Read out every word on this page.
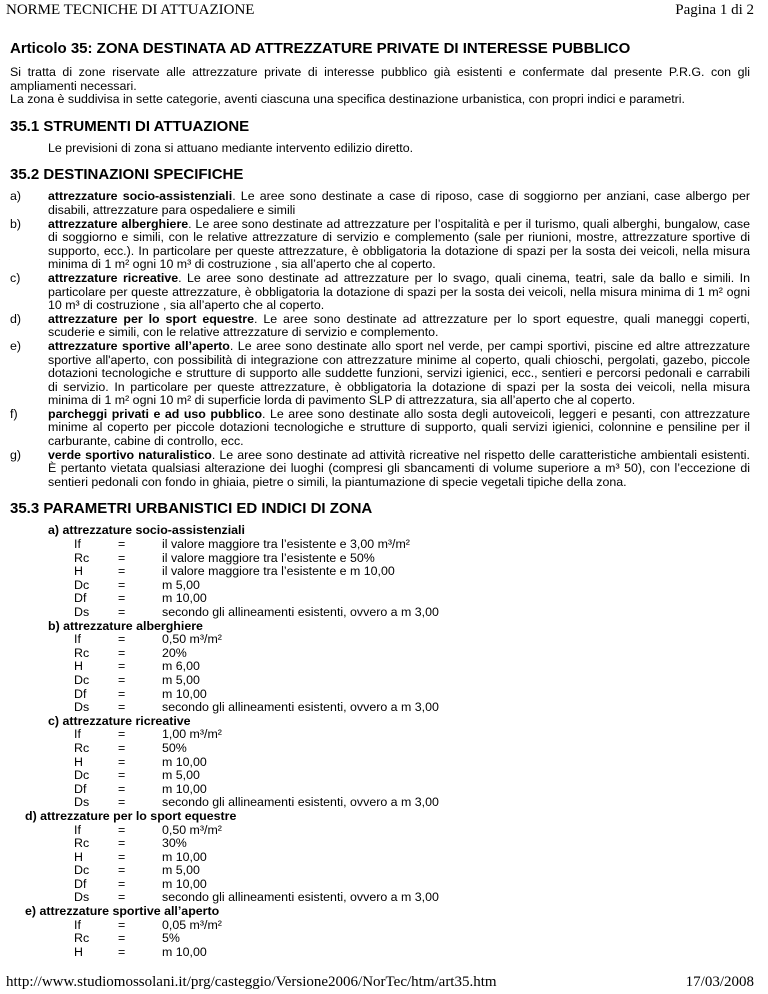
NORME TECNICHE DI ATTUAZIONE	Pagina 1 di 2
Articolo 35: ZONA DESTINATA AD ATTREZZATURE PRIVATE DI INTERESSE PUBBLICO

Si tratta di zone riservate alle attrezzature private di interesse pubblico già esistenti e confermate dal presente P.R.G. con gli ampliamenti necessari.

La zona è suddivisa in sette categorie, aventi ciascuna una specifica destinazione urbanistica, con propri indici e parametri.

35.1 STRUMENTI DI ATTUAZIONE

Le previsioni di zona si attuano mediante intervento edilizio diretto.

35.2 DESTINAZIONI SPECIFICHE
a) attrezzature socio-assistenziali. Le aree sono destinate a case di riposo, case di soggiorno per anziani, case albergo per disabili, attrezzature para ospedaliere e simili
b) attrezzature alberghiere. Le aree sono destinate ad attrezzature per l’ospitalità e per il turismo, quali alberghi, bungalow, case di soggiorno e simili, con le relative attrezzature di servizio e complemento (sale per riunioni, mostre, attrezzature sportive di supporto, ecc.). In particolare per queste attrezzature, è obbligatoria la dotazione di spazi per la sosta dei veicoli, nella misura minima di 1 m² ogni 10 m³ di costruzione , sia all’aperto che al coperto.
c) attrezzature ricreative. Le aree sono destinate ad attrezzature per lo svago, quali cinema, teatri, sale da ballo e simili. In particolare per queste attrezzature, è obbligatoria la dotazione di spazi per la sosta dei veicoli, nella misura minima di 1 m² ogni 10 m³ di costruzione , sia all’aperto che al coperto.
d) attrezzature per lo sport equestre. Le aree sono destinate ad attrezzature per lo sport equestre, quali maneggi coperti, scuderie e simili, con le relative attrezzature di servizio e complemento.
e) attrezzature sportive all’aperto. Le aree sono destinate allo sport nel verde, per campi sportivi, piscine ed altre attrezzature sportive all'aperto, con possibilità di integrazione con attrezzature minime al coperto, quali chioschi, pergolati, gazebo, piccole dotazioni tecnologiche e strutture di supporto alle suddette funzioni, servizi igienici, ecc., sentieri e percorsi pedonali e carrabili di servizio. In particolare per queste attrezzature, è obbligatoria la dotazione di spazi per la sosta dei veicoli, nella misura minima di 1 m² ogni 10 m² di superficie lorda di pavimento SLP di attrezzatura, sia all’aperto che al coperto.
f) parcheggi privati e ad uso pubblico. Le aree sono destinate allo sosta degli autoveicoli, leggeri e pesanti, con attrezzature minime al coperto per piccole dotazioni tecnologiche e strutture di supporto, quali servizi igienici, colonnine e pensiline per il carburante, cabine di controllo, ecc.
g) verde sportivo naturalistico. Le aree sono destinate ad attività ricreative nel rispetto delle caratteristiche ambientali esistenti. È pertanto vietata qualsiasi alterazione dei luoghi (compresi gli sbancamenti di volume superiore a m³ 50), con l’eccezione di sentieri pedonali con fondo in ghiaia, pietre o simili, la piantumazione di specie vegetali tipiche della zona.
35.3 PARAMETRI URBANISTICI ED INDICI DI ZONA
a) attrezzature socio-assistenziali
If	=	il valore maggiore tra l’esistente e 3,00 m³/m²
Rc =	il valore maggiore tra l’esistente e 50%
H	=	il valore maggiore tra l’esistente e m 10,00
Dc =	m 5,00
Df	=	m 10,00
Ds =	secondo gli allineamenti esistenti, ovvero a m 3,00
b) attrezzature alberghiere
If	=	0,50 m³/m²
Rc =	20%
H	=	m 6,00
Dc =	m 5,00
Df	=	m 10,00
Ds =	secondo gli allineamenti esistenti, ovvero a m 3,00
c) attrezzature ricreative
If	=	1,00 m³/m²
Rc =	50%
H	=	m 10,00
Dc =	m 5,00
Df	=	m 10,00
Ds =	secondo gli allineamenti esistenti, ovvero a m 3,00
d) attrezzature per lo sport equestre
If	=	0,50 m³/m²
Rc =	30%
H	=	m 10,00
Dc =	m 5,00
Df	=	m 10,00
Ds =	secondo gli allineamenti esistenti, ovvero a m 3,00
e) attrezzature sportive all’aperto
If	=	0,05 m³/m²
Rc =	5%
H	=	m 10,00
http://www.studiomossolani.it/prg/casteggio/Versione2006/NorTec/htm/art35.htm	17/03/2008
